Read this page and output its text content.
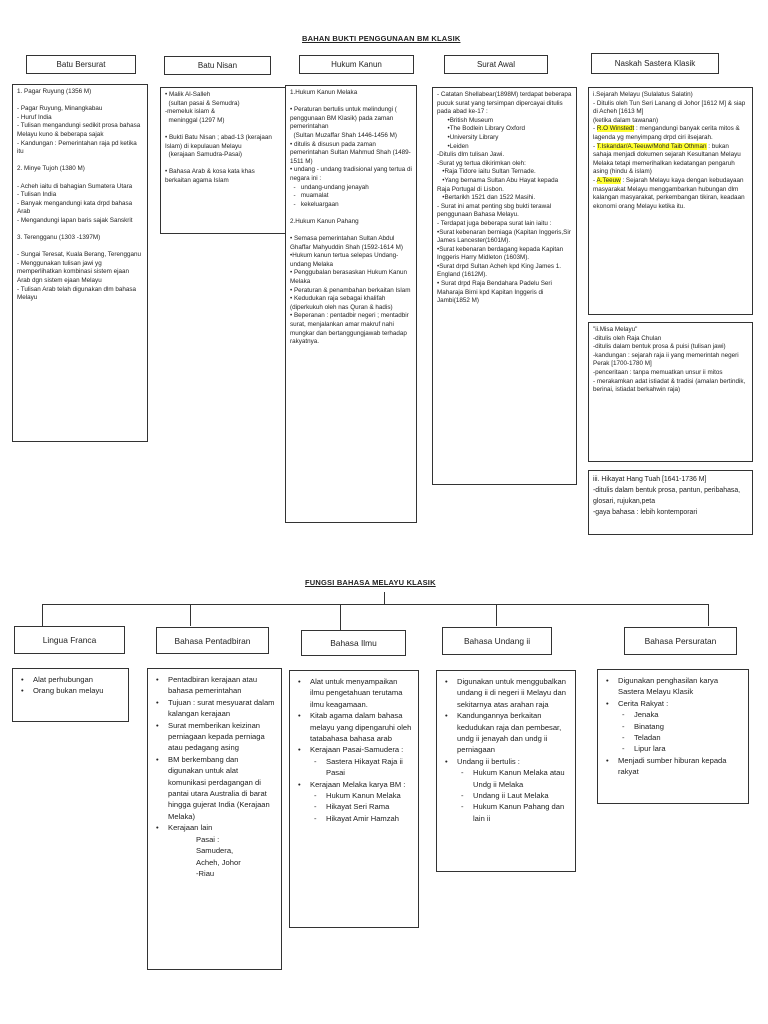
BAHAN BUKTI PENGGUNAAN BM KLASIK
Batu Bersurat	Batu Nisan	Hukum Kanun	Surat Awal	Naskah Sastera Klasik

1. Pagar Ruyung (1356 M)

- Pagar Ruyung, Minangkabau

- Huruf India

- Tulisan mengandungi sedikit prosa bahasa Melayu kuno & beberapa sajak

- Kandungan : Pemerintahan raja pd ketika itu

2. Minye Tujoh (1380 M)

- Acheh iaitu di bahagian Sumatera Utara

- Tulisan India

- Banyak mengandungi kata drpd bahasa Arab

- Mengandungi lapan baris sajak Sanskrit

3. Terengganu (1303 -1397M)

- Sungai Teresat, Kuala Berang, Terengganu

- Menggunakan tulisan jawi yg memperlihatkan kombinasi sistem ejaan Arab dgn sistem ejaan Melayu

- Tulisan Arab telah digunakan dlm bahasa Melayu

• Malik Al-Salleh

(sultan pasai & Semudra)

-memeluk islam &

meninggal (1297 M)

• Bukti Batu Nisan ; abad-13 (kerajaan Islam) di kepulauan Melayu

(kerajaan Samudra-Pasai)

• Bahasa Arab & kosa kata khas berkaitan agama Islam

1.Hukum Kanun Melaka

• Peraturan bertulis untuk melindungi ( penggunaan BM Klasik) pada zaman pemerintahan

(Sultan Muzaffar Shah 1446-1456 M)

• ditulis & disusun pada zaman pemerintahan Sultan Mahmud Shah (1489-1511 M)

• undang - undang tradisional yang tertua di negara ini :

-   undang-undang jenayah

-   muamalat

-   kekeluargaan

2.Hukum Kanun Pahang

• Semasa pemerintahan Sultan Abdul Ghaffar Mahyuddin Shah (1592-1614 M)

•Hukum kanun tertua selepas Undang-undang Melaka

• Penggubalan berasaskan Hukum Kanun Melaka

• Peraturan & penambahan berkaitan Islam

• Kedudukan raja sebagai khalifah (diperkukuh oleh nas Quran & hadis)

• Beperanan : pentadbir negeri ; mentadbir surat, menjalankan amar makruf nahi mungkar dan bertanggungjawab terhadap rakyatnya.

- Catatan Shellabear(1898M) terdapat beberapa pucuk surat yang tersimpan dipercayai ditulis pada abad ke-17 :

•British Museum

•The Bodlein Library Oxford

•University Library

•Leiden

-Ditulis dlm tulisan Jawi.

-Surat yg tertua dikirimkan oleh:

•Raja Tidore iaitu Sultan Ternade.

•Yang bernama Sultan Abu Hayat kepada Raja Portugal di Lisbon.

•Bertarikh 1521 dan 1522 Masihi.

- Surat ini amat penting sbg bukti terawal penggunaan Bahasa Melayu.

- Terdapat juga beberapa surat lain iaitu :

•Surat kebenaran berniaga (Kapitan Inggeris,Sir James Lancester(1601M).

•Surat kebenaran berdagang kepada Kapitan Inggeris Harry Midleton (1603M).

•Surat drpd Sultan Acheh kpd King James 1. England (1612M).

• Surat drpd Raja Bendahara Padelu Seri Maharaja Birni kpd Kapitan Inggeris di Jambi(1852 M)

i.Sejarah Melayu (Sulalatus Salatin)

- Ditulis oleh Tun Seri Lanang di Johor [1612 M] & siap di Acheh [1613 M]

(ketika dalam tawanan)

- R.O Winstedt : mengandungi banyak cerita mitos & lagenda yg menyimpang drpd ciri ilsejarah.

- T.Iskandar/A.Teeuw/Mohd Taib Othman : bukan sahaja menjadi dokumen sejarah Kesultanan Melayu Melaka tetapi memerihalkan kedatangan pengaruh asing (hindu & islam)

- A.Teeuw : Sejarah Melayu kaya dengan kebudayaan masyarakat Melayu menggambarkan hubungan dlm kalangan masyarakat, perkembangan tikiran, keadaan ekonomi orang Melayu ketika itu.

"ii.Misa Melayu"

-ditulis oleh Raja Chulan

-ditulis dalam bentuk prosa & puisi (tulisan jawi)

-kandungan : sejarah raja ii yang memerintah negeri Perak [1700-1780 M]

-penceritaan : tanpa memuatkan unsur ii mitos

- merakamkan adat istiadat & tradisi (amalan bertindik, berinai, istiadat berkahwin raja)

iii. Hikayat Hang Tuah [1641-1736 M]

-ditulis dalam bentuk prosa, pantun, peribahasa, glosari, rujukan,peta

-gaya bahasa : lebih kontemporari

FUNGSI BAHASA MELAYU KLASIK
Lingua Franca	Bahasa Pentadbiran	Bahasa Ilmu	Bahasa Undang ii	Bahasa Persuratan
• Alat perhubungan
• Orang bukan melayu
• Pentadbiran kerajaan atau bahasa pemerintahan
• Tujuan : surat mesyuarat dalam kalangan kerajaan
• Surat memberikan keizinan perniagaan kepada perniaga atau pedagang asing
• BM berkembang dan digunakan untuk alat komunikasi perdagangan di pantai utara Australia di barat hingga gujerat India (Kerajaan Melaka)
• Kerajaan lain
Pasai :
Samudera,
Acheh, Johor
-Riau
• Alat untuk menyampaikan ilmu pengetahuan terutama ilmu keagamaan.
• Kitab agama dalam bahasa melayu yang dipengaruhi oleh tatabahasa bahasa arab
• Kerajaan Pasai-Samudera :
- Sastera Hikayat Raja ii Pasai
• Kerajaan Melaka karya BM :
- Hukum Kanun Melaka
- Hikayat Seri Rama
- Hikayat Amir Hamzah
• Digunakan untuk menggubalkan undang ii di negeri ii Melayu dan sekitarnya atas arahan raja
• Kandungannya berkaitan kedudukan raja dan pembesar, undg ii jenayah dan undg ii perniagaan
• Undang ii bertulis :
- Hukum Kanun Melaka atau Undg ii Melaka
- Undang ii Laut Melaka
- Hukum Kanun Pahang dan lain ii
• Digunakan penghasilan karya Sastera Melayu Klasik
• Cerita Rakyat :
- Jenaka
- Binatang
- Teladan
- Lipur lara
• Menjadi sumber hiburan kepada rakyat
